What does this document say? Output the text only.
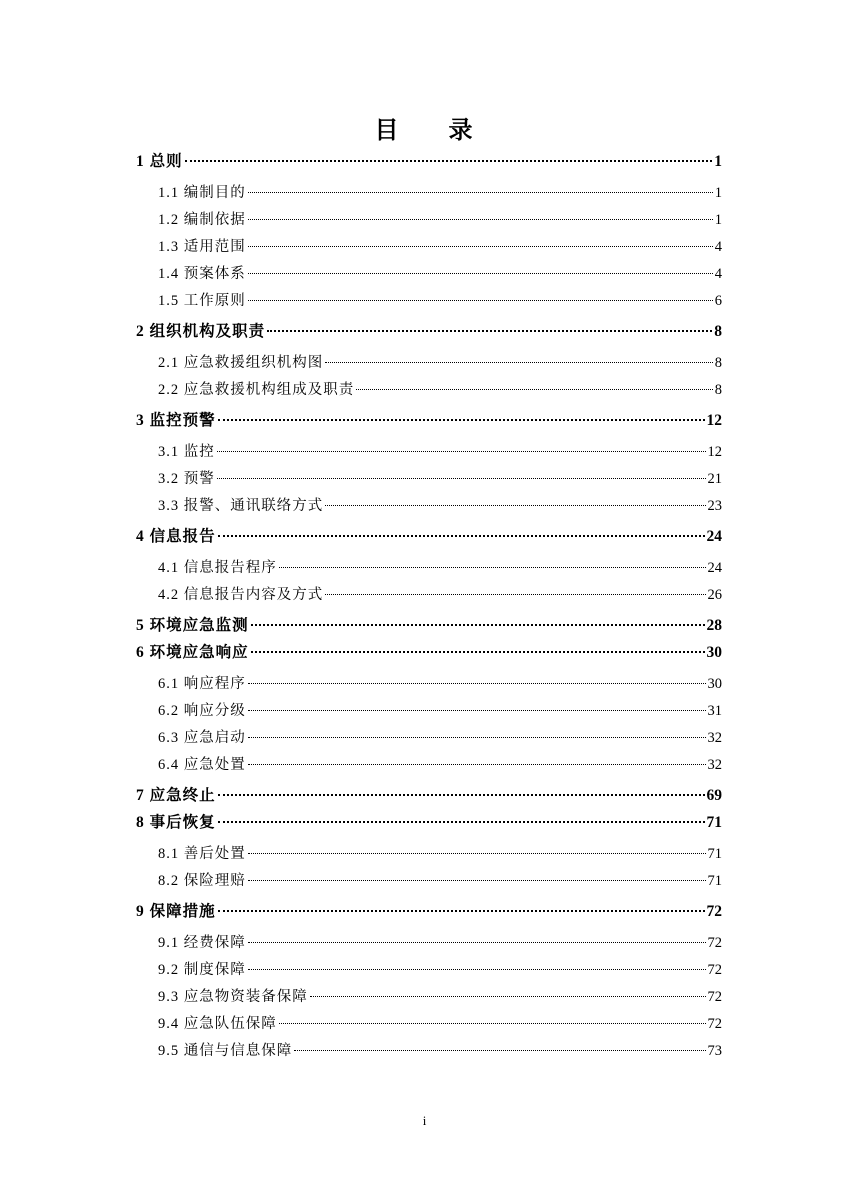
目 录
1 总则	1
1.1 编制目的	1
1.2 编制依据	1
1.3 适用范围	4
1.4 预案体系	4
1.5 工作原则	6
2 组织机构及职责	8
2.1 应急救援组织机构图	8
2.2 应急救援机构组成及职责	8
3 监控预警	12
3.1 监控	12
3.2 预警	21
3.3 报警、通讯联络方式	23
4 信息报告	24
4.1 信息报告程序	24
4.2 信息报告内容及方式	26
5 环境应急监测	28
6 环境应急响应	30
6.1 响应程序	30
6.2 响应分级	31
6.3 应急启动	32
6.4 应急处置	32
7 应急终止	69
8 事后恢复	71
8.1 善后处置	71
8.2 保险理赔	71
9 保障措施	72
9.1 经费保障	72
9.2 制度保障	72
9.3 应急物资装备保障	72
9.4 应急队伍保障	72
9.5 通信与信息保障	73
i
